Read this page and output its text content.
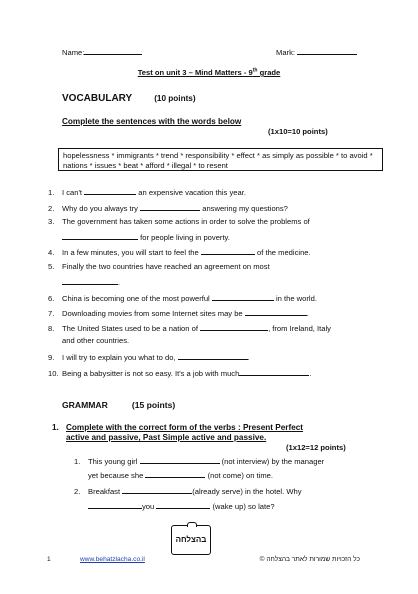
Name:	Mark:
Test on unit 3 – Mind Matters - 9th grade
VOCABULARY	(10 points)
Complete the sentences with the words below
(1x10=10 points)
hopelessness * immigrants * trend * responsibility * effect * as simply as possible * to avoid * nations * issues * beat * afford * illegal * to resent
1. I can't	an expensive vacation this year.
2. Why do you always try	answering my questions?
3. The government has taken some actions in order to solve the problems of
for people living in poverty.
4. In a few minutes, you will start to feel the	of the medicine.
5. Finally the two countries have reached an agreement on most
.
6. China is becoming one of the most powerful	in the world.
7. Downloading movies from some Internet sites may be	.
8. The United States used to be a nation of	, from Ireland, Italy
and other countries.
9. I will try to explain you what to do,	.
10. Being a babysitter is not so easy. It's a job with much	.
GRAMMAR	(15 points)
1. Complete with the correct form of the verbs : Present Perfect
active and passive, Past Simple active and passive.
(1x12=12 points)
1. This young girl	(not interview) by the manager
yet because she	(not come) on time.
2. Breakfast	(already serve) in the hotel. Why
you	(wake up) so late?
בהצלחה
1	www.behatzlacha.co.il	כל הזכויות שמורות לאתר בהצלחה ©
